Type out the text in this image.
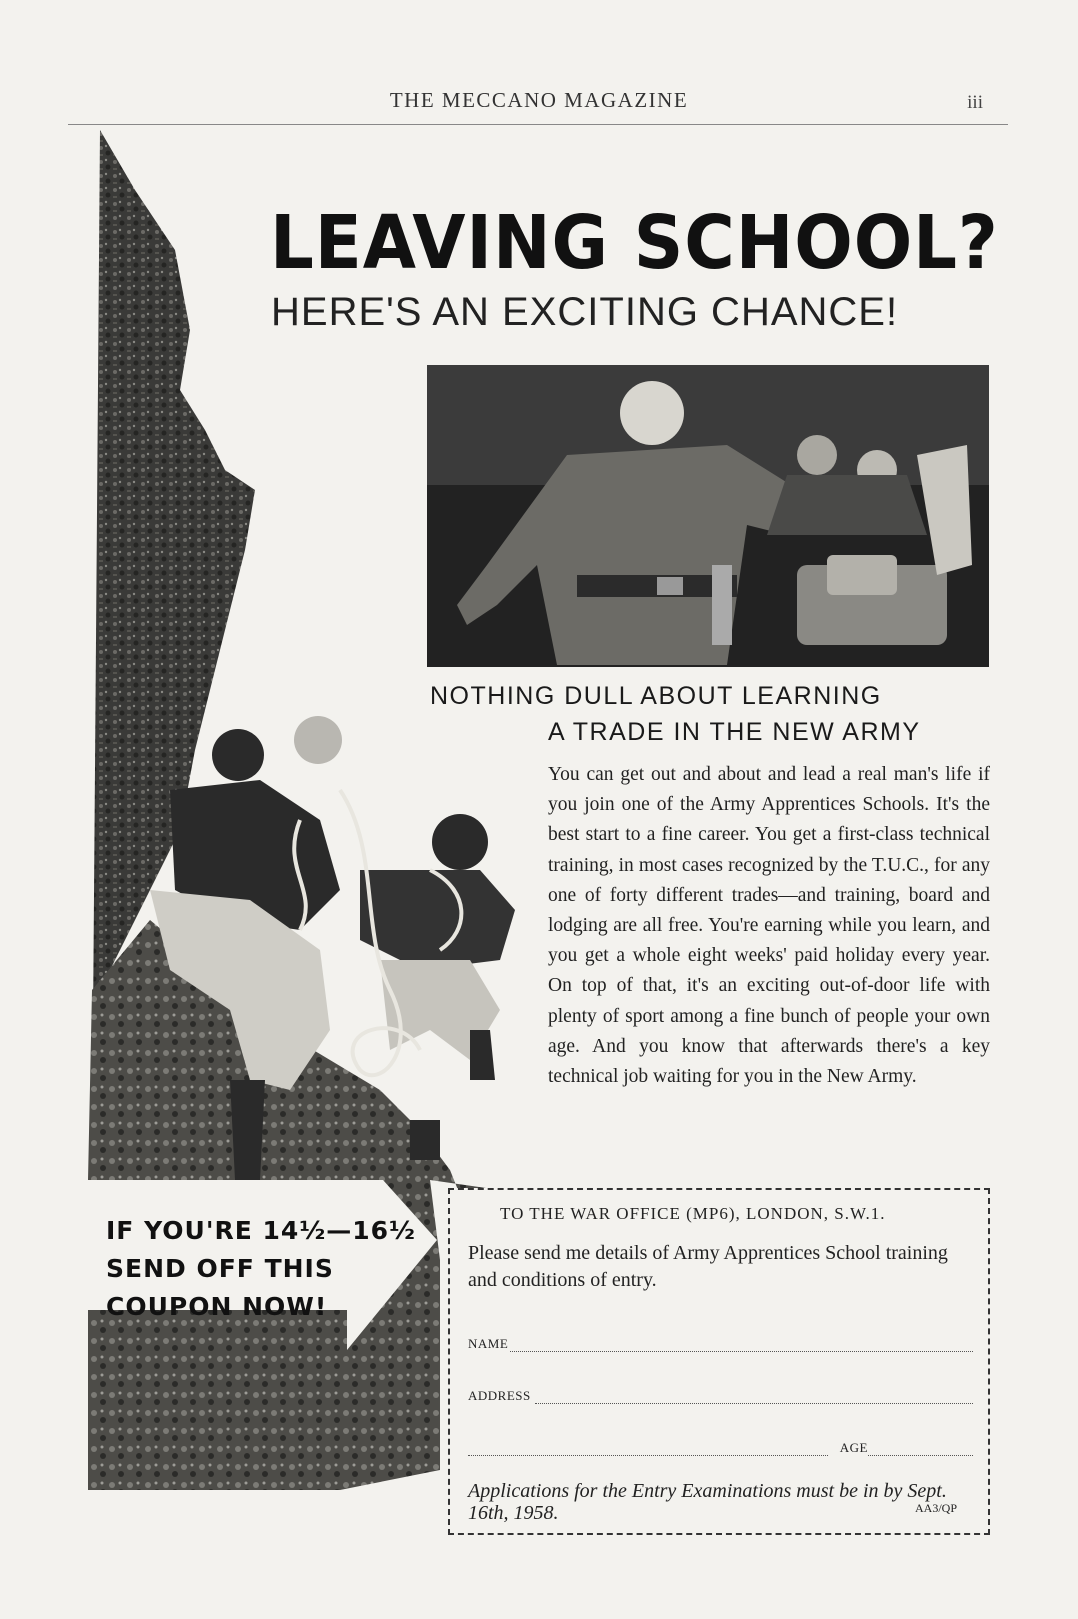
THE MECCANO MAGAZINE	iii
LEAVING SCHOOL?
HERE'S AN EXCITING CHANCE!
NOTHING DULL ABOUT LEARNING
A TRADE IN THE NEW ARMY
You can get out and about and lead a real man's life if you join one of the Army Apprentices Schools. It's the best start to a fine career. You get a first-class technical training, in most cases recognized by the T.U.C., for any one of forty different trades—and training, board and lodging are all free. You're earning while you learn, and you get a whole eight weeks' paid holiday every year. On top of that, it's an exciting out-of-door life with plenty of sport among a fine bunch of people your own age. And you know that afterwards there's a key technical job waiting for you in the New Army.
IF YOU'RE 14½—16½
SEND OFF THIS
COUPON NOW!
TO THE WAR OFFICE (MP6), LONDON, S.W.1.
Please send me details of Army Apprentices School training and conditions of entry.
NAME
ADDRESS
AGE
Applications for the Entry Examinations must be in by Sept. 16th, 1958.	AA3/QP
